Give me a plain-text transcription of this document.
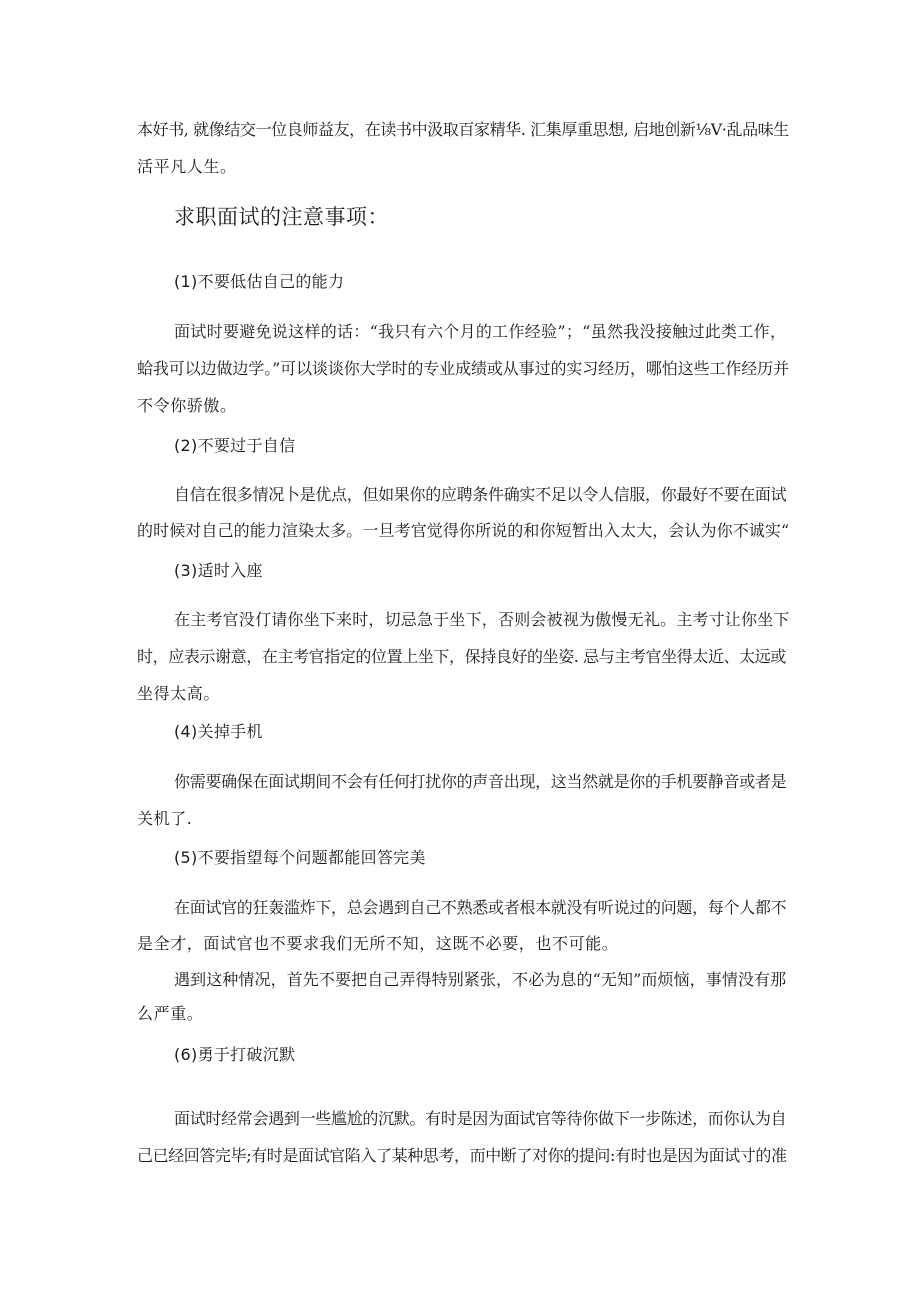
本好书, 就像结交一位良师益友，在读书中汲取百家精华. 汇集厚重思想, 启地创新⅛V·乱品味生
活平凡人生。
求职面试的注意事项：
(1)不要低估自己的能力
面试时要避免说这样的话：“我只有六个月的工作经验”；“虽然我没接触过此类工作，
蛤我可以边做边学。”可以谈谈你大学时的专业成绩或从事过的实习经历，哪怕这些工作经历并
不令你骄傲。
(2)不要过于自信
自信在很多情况卜是优点，但如果你的应聘条件确实不足以令人信服，你最好不要在面试
的时候对自己的能力渲染太多。一旦考官觉得你所说的和你短暂出入太大，会认为你不诚实“
(3)适时入座
在主考官没仃请你坐下来时，切忌急于坐下，否则会被视为傲慢无礼。主考寸让你坐下
时，应表示谢意，在主考官指定的位置上坐下，保持良好的坐姿. 忌与主考官坐得太近、太远或
坐得太高。
(4)关掉手机
你需要确保在面试期间不会有任何打扰你的声音出现，这当然就是你的手机要静音或者是
关机了.
(5)不要指望每个问题都能回答完美
在面试官的狂轰滥炸下，总会遇到自己不熟悉或者根本就没有听说过的问题，每个人都不
是全才，面试官也不要求我们无所不知，这既不必要，也不可能。
遇到这种情况，首先不要把自己弄得特别紧张，不必为息的“无知”而烦恼，事情没有那
么严重。
(6)勇于打破沉默
面试时经常会遇到一些尴尬的沉默。有时是因为面试官等待你做下一步陈述，而你认为自
己已经回答完毕;有时是面试官陷入了某种思考，而中断了对你的提问:有时也是因为面试寸的准
